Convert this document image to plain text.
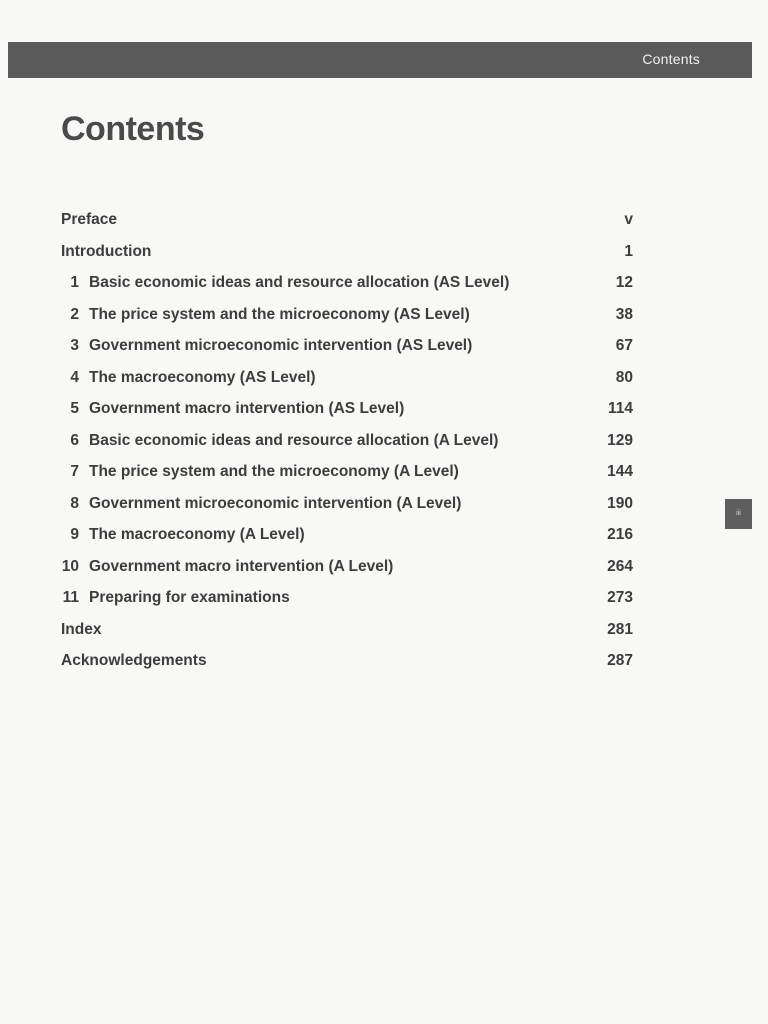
Contents
Contents
Preface	v
Introduction	1
1 Basic economic ideas and resource allocation (AS Level)	12
2 The price system and the microeconomy (AS Level)	38
3 Government microeconomic intervention (AS Level)	67
4 The macroeconomy (AS Level)	80
5 Government macro intervention (AS Level)	114
6 Basic economic ideas and resource allocation (A Level)	129
7 The price system and the microeconomy (A Level)	144
8 Government microeconomic intervention (A Level)	190
9 The macroeconomy (A Level)	216
10 Government macro intervention (A Level)	264
11 Preparing for examinations	273
Index	281
Acknowledgements	287
iii
